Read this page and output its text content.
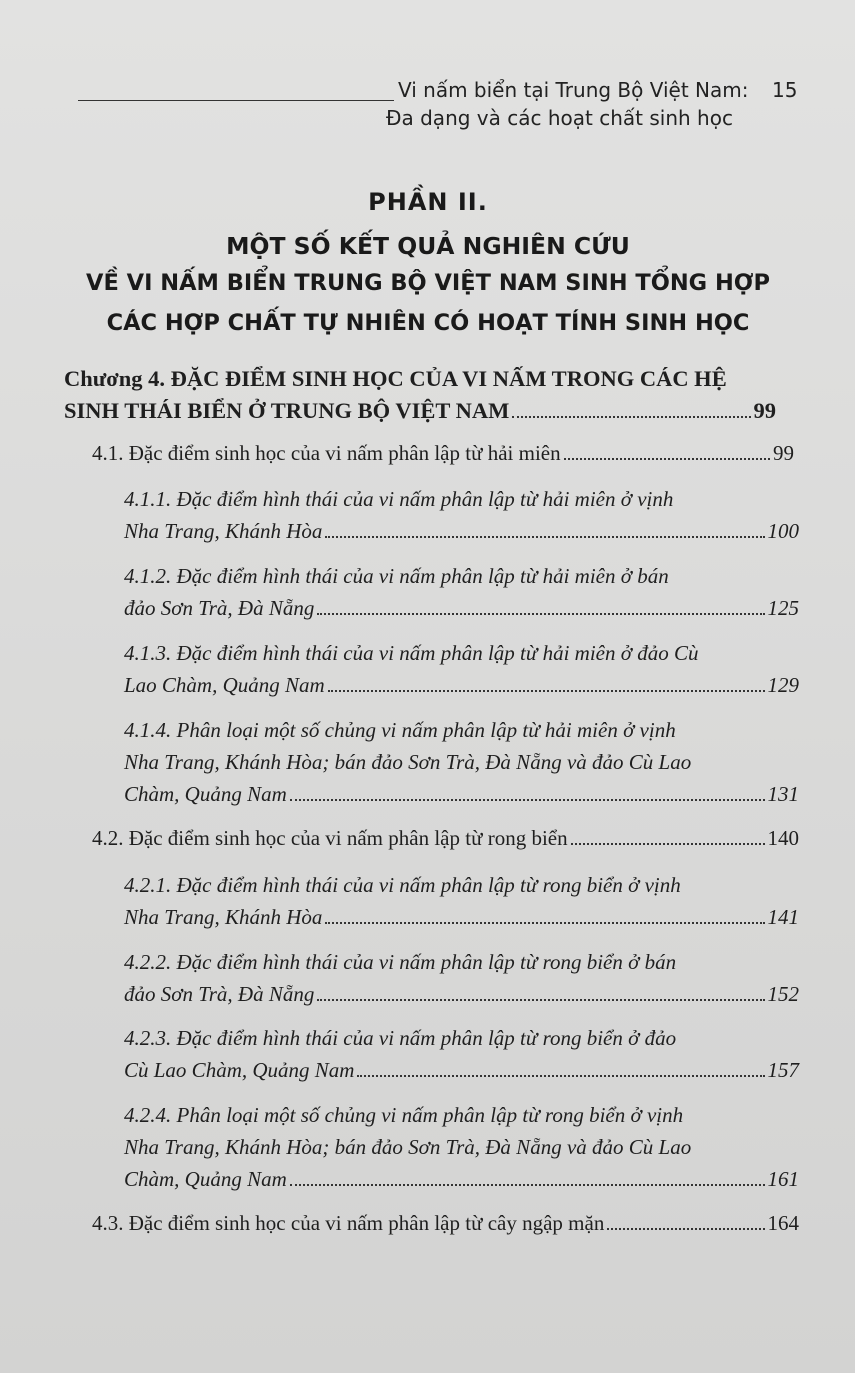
Vi nấm biển tại Trung Bộ Việt Nam: 15
Đa dạng và các hoạt chất sinh học
PHẦN II.
MỘT SỐ KẾT QUẢ NGHIÊN CỨU
VỀ VI NẤM BIỂN TRUNG BỘ VIỆT NAM SINH TỔNG HỢP
CÁC HỢP CHẤT TỰ NHIÊN CÓ HOẠT TÍNH SINH HỌC
Chương 4. ĐẶC ĐIỂM SINH HỌC CỦA VI NẤM TRONG CÁC HỆ
SINH THÁI BIỂN Ở TRUNG BỘ VIỆT NAM	99
4.1. Đặc điểm sinh học của vi nấm phân lập từ hải miên	99
4.1.1. Đặc điểm hình thái của vi nấm phân lập từ hải miên ở vịnh
Nha Trang, Khánh Hòa	100
4.1.2. Đặc điểm hình thái của vi nấm phân lập từ hải miên ở bán
đảo Sơn Trà, Đà Nẵng	125
4.1.3. Đặc điểm hình thái của vi nấm phân lập từ hải miên ở đảo Cù
Lao Chàm, Quảng Nam	129
4.1.4. Phân loại một số chủng vi nấm phân lập từ hải miên ở vịnh
Nha Trang, Khánh Hòa; bán đảo Sơn Trà, Đà Nẵng và đảo Cù Lao
Chàm, Quảng Nam	131
4.2. Đặc điểm sinh học của vi nấm phân lập từ rong biển	140
4.2.1. Đặc điểm hình thái của vi nấm phân lập từ rong biển ở vịnh
Nha Trang, Khánh Hòa	141
4.2.2. Đặc điểm hình thái của vi nấm phân lập từ rong biển ở bán
đảo Sơn Trà, Đà Nẵng	152
4.2.3. Đặc điểm hình thái của vi nấm phân lập từ rong biển ở đảo
Cù Lao Chàm, Quảng Nam	157
4.2.4. Phân loại một số chủng vi nấm phân lập từ rong biển ở vịnh
Nha Trang, Khánh Hòa; bán đảo Sơn Trà, Đà Nẵng và đảo Cù Lao
Chàm, Quảng Nam	161
4.3. Đặc điểm sinh học của vi nấm phân lập từ cây ngập mặn	164
